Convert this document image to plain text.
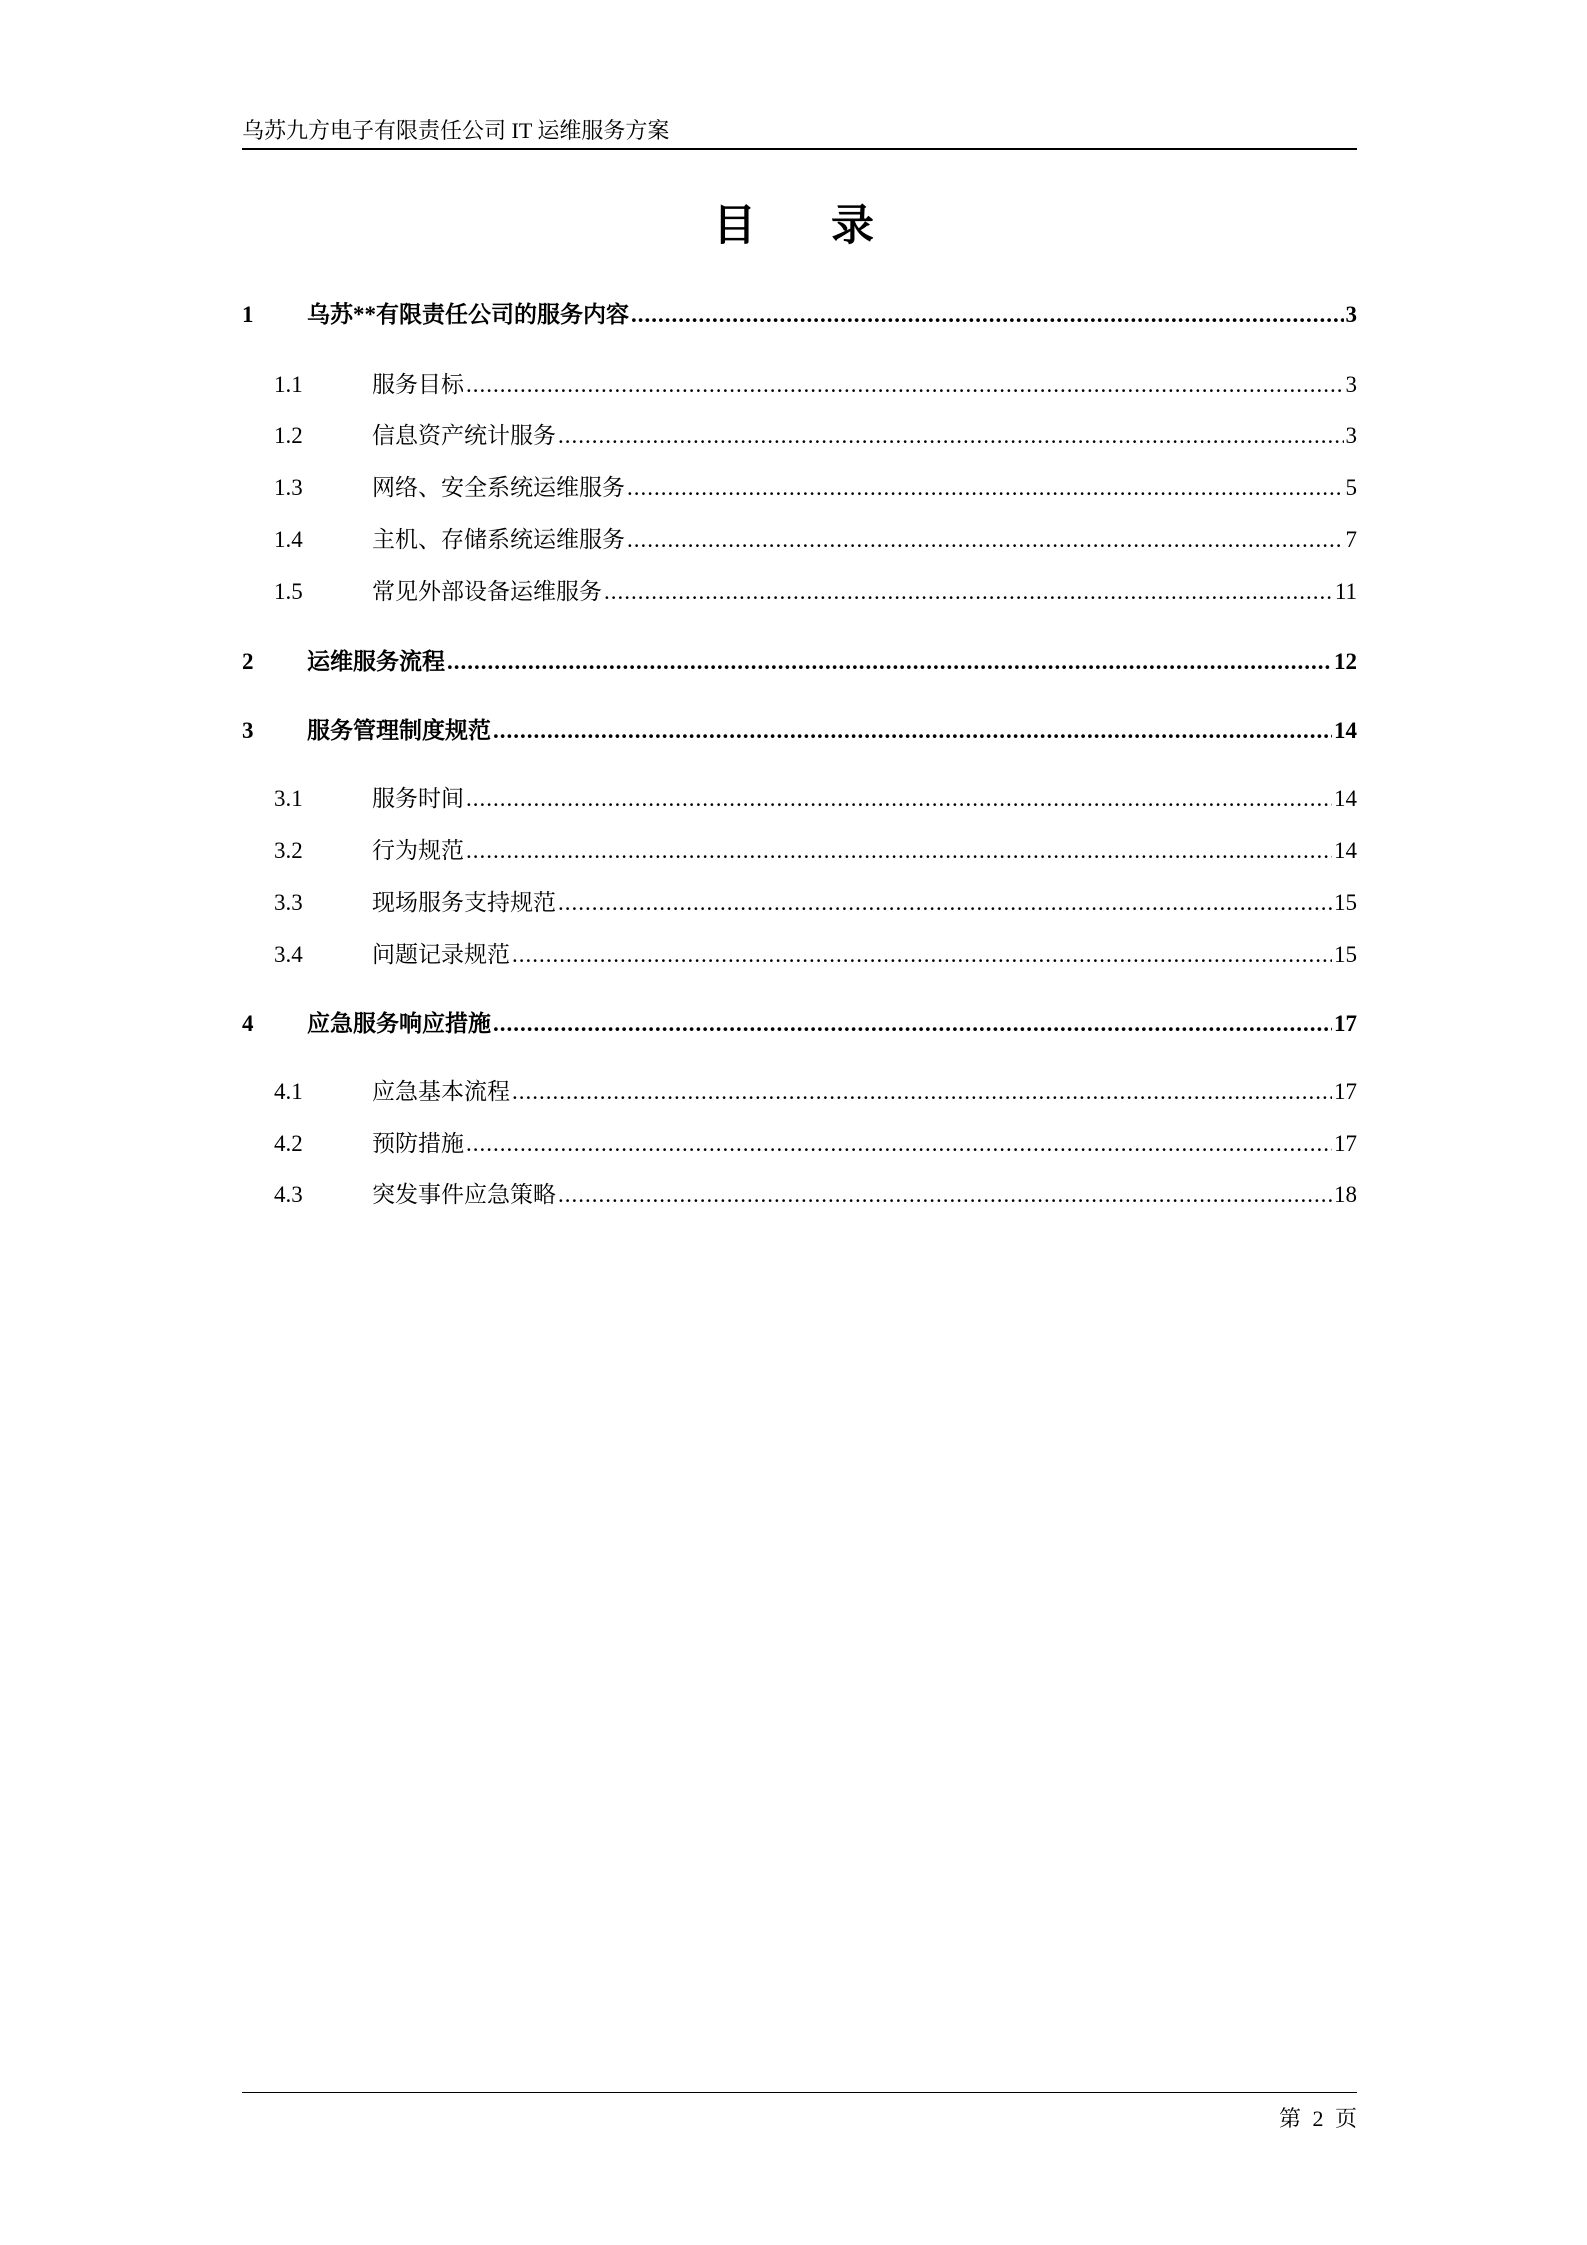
乌苏九方电子有限责任公司 IT 运维服务方案
目 录
1	乌苏**有限责任公司的服务内容 .....	3
1.1	服务目标 .....	3
1.2	信息资产统计服务 .....	3
1.3	网络、安全系统运维服务 .....	5
1.4	主机、存储系统运维服务 .....	7
1.5	常见外部设备运维服务 .....	11
2	运维服务流程 .....	12
3	服务管理制度规范 .....	14
3.1	服务时间 .....	14
3.2	行为规范 .....	14
3.3	现场服务支持规范 .....	15
3.4	问题记录规范 .....	15
4	应急服务响应措施 .....	17
4.1	应急基本流程 .....	17
4.2	预防措施 .....	17
4.3	突发事件应急策略 .....	18
第 2 页
